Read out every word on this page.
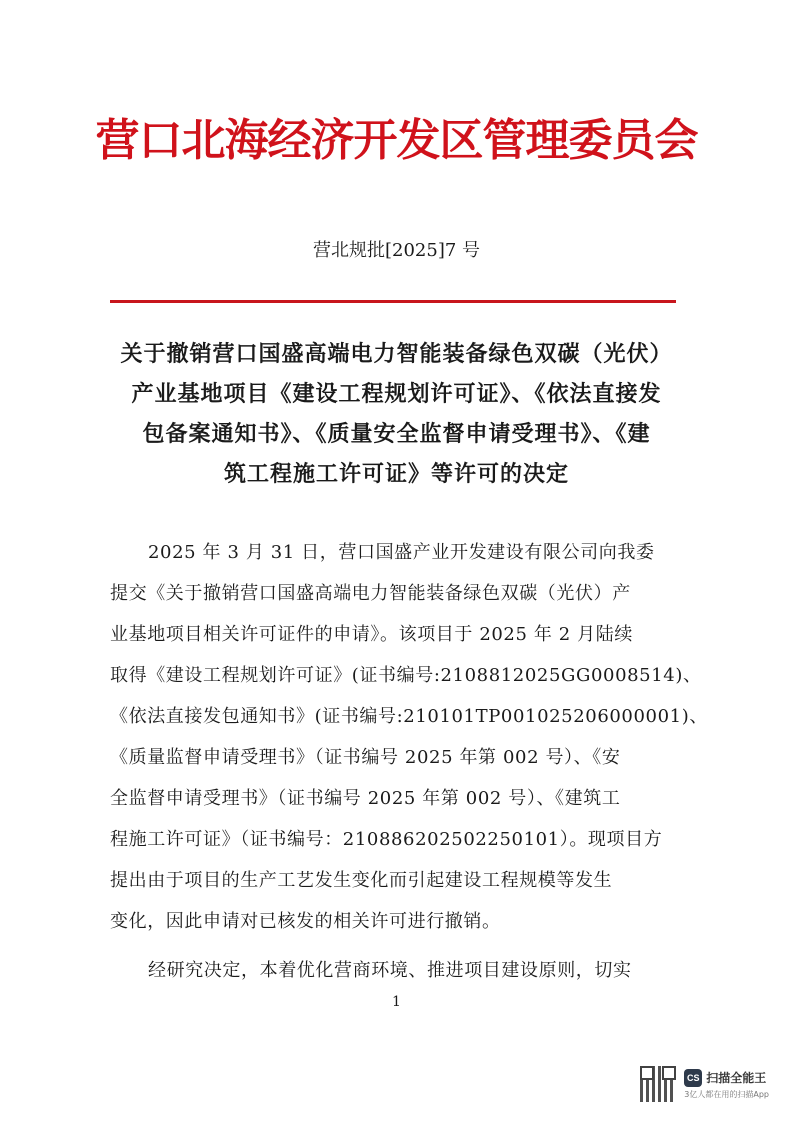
营口北海经济开发区管理委员会
营北规批[2025]7 号
关于撤销营口国盛高端电力智能装备绿色双碳（光伏）
产业基地项目《建设工程规划许可证》、《依法直接发
包备案通知书》、《质量安全监督申请受理书》、《建
筑工程施工许可证》等许可的决定
2025 年 3 月 31 日，营口国盛产业开发建设有限公司向我委
提交《关于撤销营口国盛高端电力智能装备绿色双碳（光伏）产
业基地项目相关许可证件的申请》。该项目于 2025 年 2 月陆续
取得《建设工程规划许可证》(证书编号:2108812025GG0008514)、
《依法直接发包通知书》(证书编号:210101TP001025206000001)、
《质量监督申请受理书》（证书编号 2025 年第 002 号）、《安
全监督申请受理书》（证书编号 2025 年第 002 号）、《建筑工
程施工许可证》（证书编号：210886202502250101）。现项目方
提出由于项目的生产工艺发生变化而引起建设工程规模等发生
变化，因此申请对已核发的相关许可进行撤销。
经研究决定，本着优化营商环境、推进项目建设原则，切实
1
CS 扫描全能王
3亿人都在用的扫描App
